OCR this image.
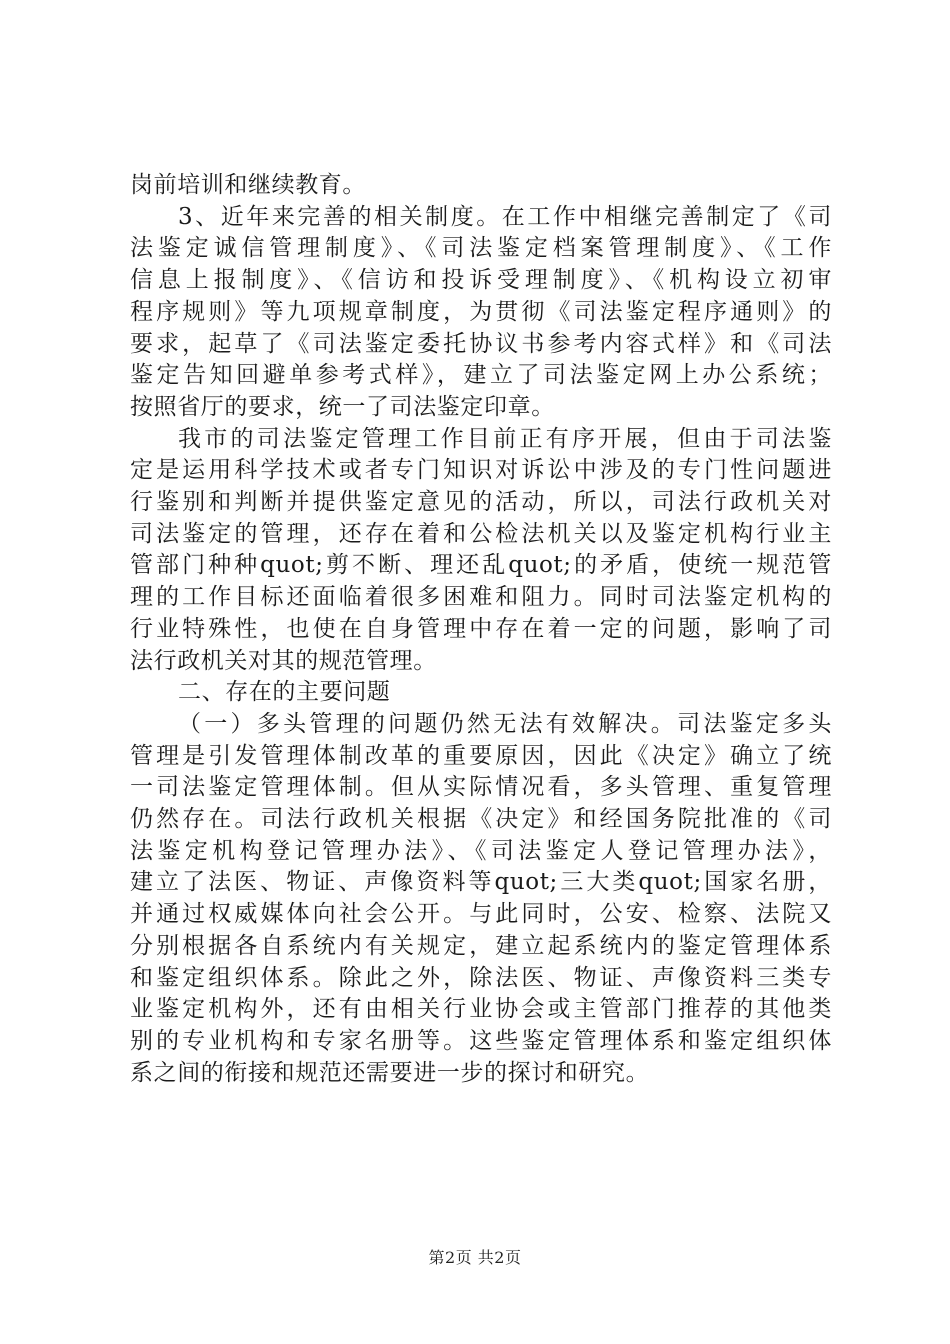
岗前培训和继续教育。
3、近年来完善的相关制度。在工作中相继完善制定了《司
法鉴定诚信管理制度》、《司法鉴定档案管理制度》、《工作
信息上报制度》、《信访和投诉受理制度》、《机构设立初审
程序规则》等九项规章制度，为贯彻《司法鉴定程序通则》的
要求，起草了《司法鉴定委托协议书参考内容式样》和《司法
鉴定告知回避单参考式样》，建立了司法鉴定网上办公系统；
按照省厅的要求，统一了司法鉴定印章。
我市的司法鉴定管理工作目前正有序开展，但由于司法鉴
定是运用科学技术或者专门知识对诉讼中涉及的专门性问题进
行鉴别和判断并提供鉴定意见的活动，所以，司法行政机关对
司法鉴定的管理，还存在着和公检法机关以及鉴定机构行业主
管部门种种quot;剪不断、理还乱quot;的矛盾，使统一规范管
理的工作目标还面临着很多困难和阻力。同时司法鉴定机构的
行业特殊性，也使在自身管理中存在着一定的问题，影响了司
法行政机关对其的规范管理。
二、存在的主要问题
（一）多头管理的问题仍然无法有效解决。司法鉴定多头
管理是引发管理体制改革的重要原因，因此《决定》确立了统
一司法鉴定管理体制。但从实际情况看，多头管理、重复管理
仍然存在。司法行政机关根据《决定》和经国务院批准的《司
法鉴定机构登记管理办法》、《司法鉴定人登记管理办法》，
建立了法医、物证、声像资料等quot;三大类quot;国家名册，
并通过权威媒体向社会公开。与此同时，公安、检察、法院又
分别根据各自系统内有关规定，建立起系统内的鉴定管理体系
和鉴定组织体系。除此之外，除法医、物证、声像资料三类专
业鉴定机构外，还有由相关行业协会或主管部门推荐的其他类
别的专业机构和专家名册等。这些鉴定管理体系和鉴定组织体
系之间的衔接和规范还需要进一步的探讨和研究。
第2页 共2页
